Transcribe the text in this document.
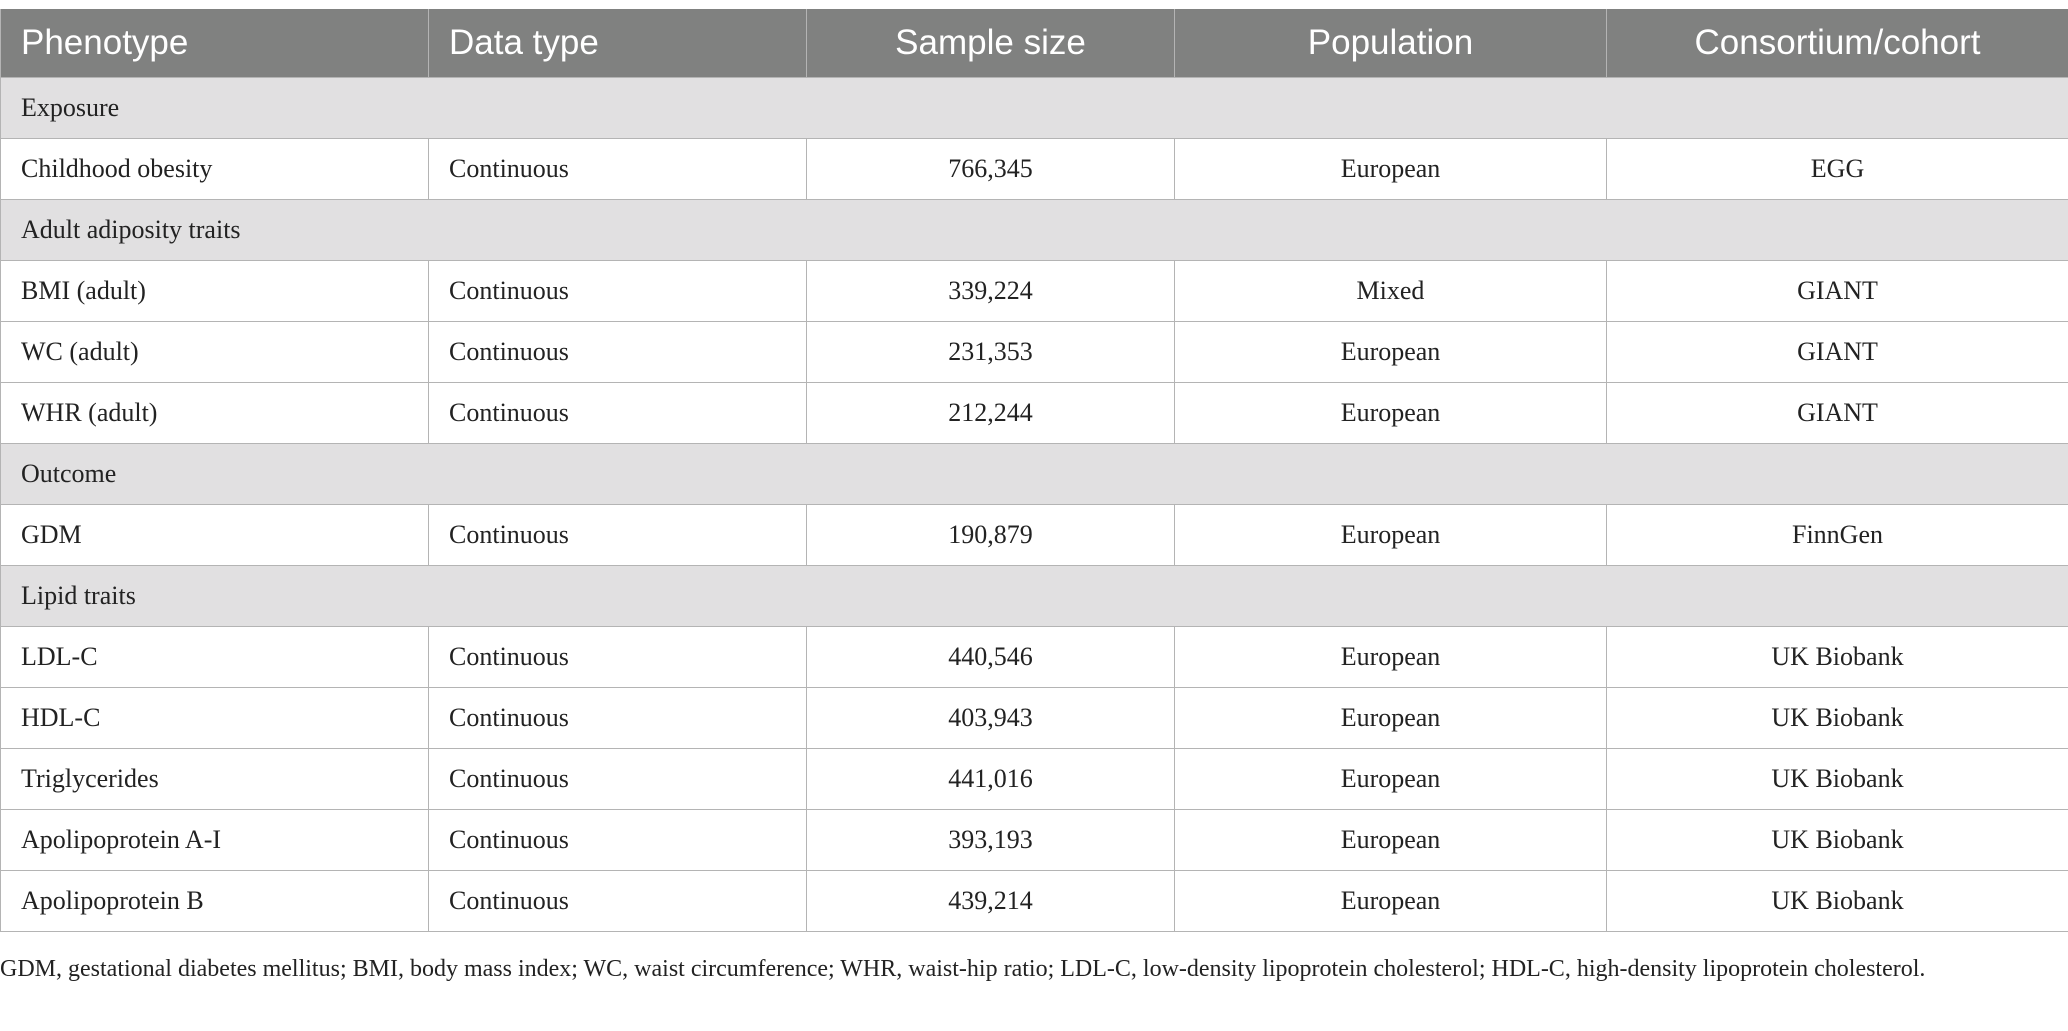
Phenotype	Data type	Sample size	Population	Consortium/cohort
Exposure				
Childhood obesity	Continuous	766,345	European	EGG
Adult adiposity traits				
BMI (adult)	Continuous	339,224	Mixed	GIANT
WC (adult)	Continuous	231,353	European	GIANT
WHR (adult)	Continuous	212,244	European	GIANT
Outcome				
GDM	Continuous	190,879	European	FinnGen
Lipid traits				
LDL-C	Continuous	440,546	European	UK Biobank
HDL-C	Continuous	403,943	European	UK Biobank
Triglycerides	Continuous	441,016	European	UK Biobank
Apolipoprotein A-I	Continuous	393,193	European	UK Biobank
Apolipoprotein B	Continuous	439,214	European	UK Biobank
GDM, gestational diabetes mellitus; BMI, body mass index; WC, waist circumference; WHR, waist-hip ratio; LDL-C, low-density lipoprotein cholesterol; HDL-C, high-density lipoprotein cholesterol.
